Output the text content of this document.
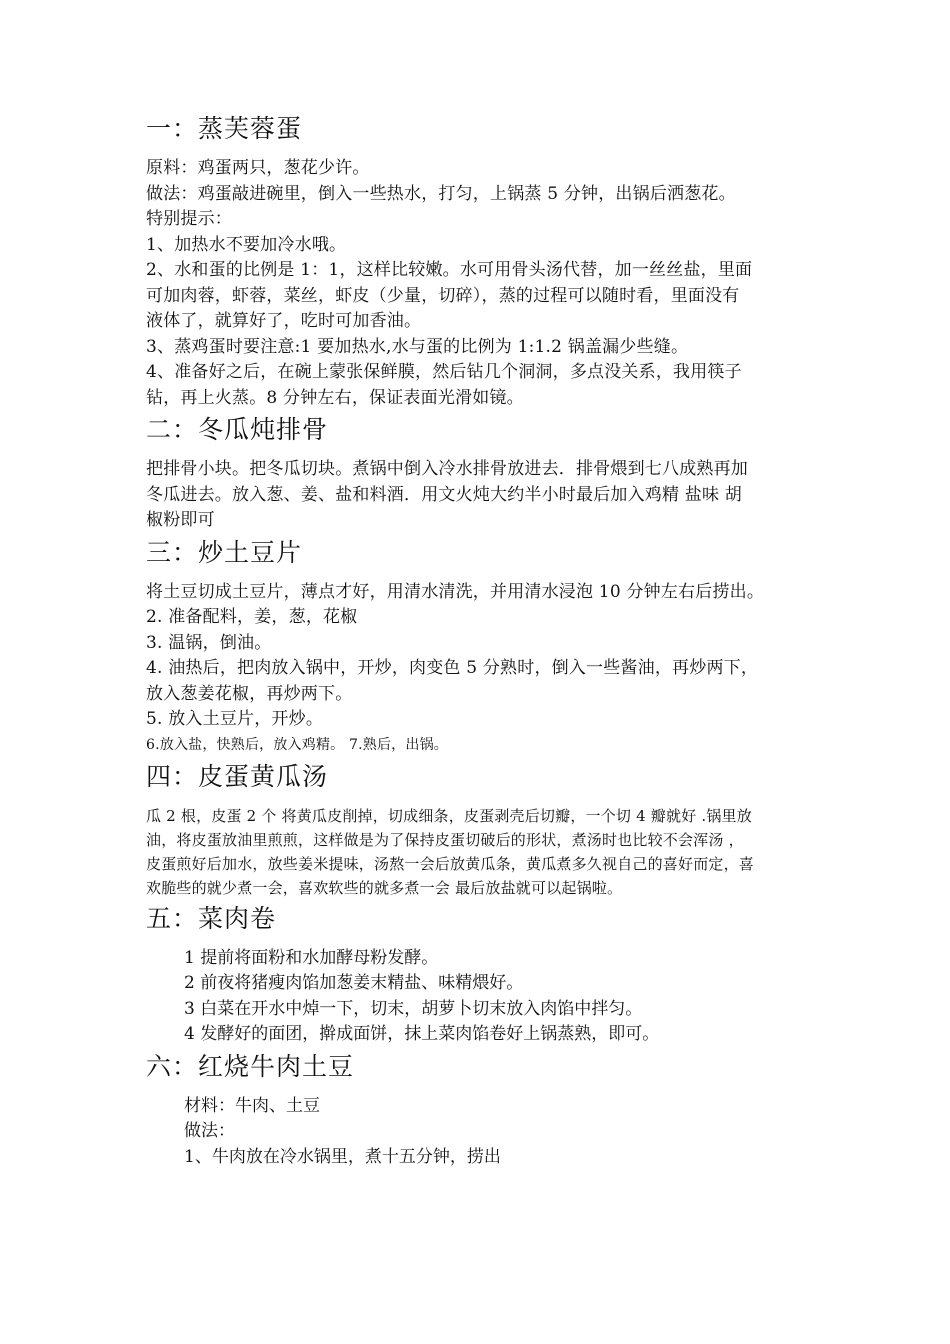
一：蒸芙蓉蛋

原料：鸡蛋两只，葱花少许。

做法：鸡蛋敲进碗里，倒入一些热水，打匀，上锅蒸 5 分钟，出锅后洒葱花。

特别提示：

1、加热水不要加冷水哦。

2、水和蛋的比例是 1：1，这样比较嫩。水可用骨头汤代替，加一丝丝盐，里面

可加肉蓉，虾蓉，菜丝，虾皮（少量，切碎），蒸的过程可以随时看，里面没有

液体了，就算好了，吃时可加香油。

3、蒸鸡蛋时要注意:1 要加热水,水与蛋的比例为 1:1.2 锅盖漏少些缝。

4、准备好之后，在碗上蒙张保鲜膜，然后钻几个洞洞，多点没关系，我用筷子

钻，再上火蒸。8 分钟左右，保证表面光滑如镜。

二：冬瓜炖排骨

把排骨小块。把冬瓜切块。煮锅中倒入冷水排骨放进去．排骨煨到七八成熟再加

冬瓜进去。放入葱、姜、盐和料酒．用文火炖大约半小时最后加入鸡精 盐味 胡

椒粉即可

三：炒土豆片

将土豆切成土豆片，薄点才好，用清水清洗，并用清水浸泡 10 分钟左右后捞出。

2. 准备配料，姜，葱，花椒

3. 温锅，倒油。

4. 油热后，把肉放入锅中，开炒，肉变色 5 分熟时，倒入一些酱油，再炒两下，

放入葱姜花椒，再炒两下。

5. 放入土豆片，开炒。

6.放入盐，快熟后，放入鸡精。 7.熟后，出锅。

四：皮蛋黄瓜汤

瓜 2 根，皮蛋 2 个 将黄瓜皮削掉，切成细条，皮蛋剥壳后切瓣，一个切 4 瓣就好 .锅里放

油，将皮蛋放油里煎煎，这样做是为了保持皮蛋切破后的形状，煮汤时也比较不会浑汤 ，

皮蛋煎好后加水，放些姜米提味，汤熬一会后放黄瓜条，黄瓜煮多久视自己的喜好而定，喜

欢脆些的就少煮一会，喜欢软些的就多煮一会 最后放盐就可以起锅啦。

五：菜肉卷

1 提前将面粉和水加酵母粉发酵。

2 前夜将猪瘦肉馅加葱姜末精盐、味精煨好。

3 白菜在开水中焯一下，切末，胡萝卜切末放入肉馅中拌匀。

4 发酵好的面团，擀成面饼，抹上菜肉馅卷好上锅蒸熟，即可。

六：红烧牛肉土豆

材料：牛肉、土豆

做法：

1、牛肉放在冷水锅里，煮十五分钟，捞出
